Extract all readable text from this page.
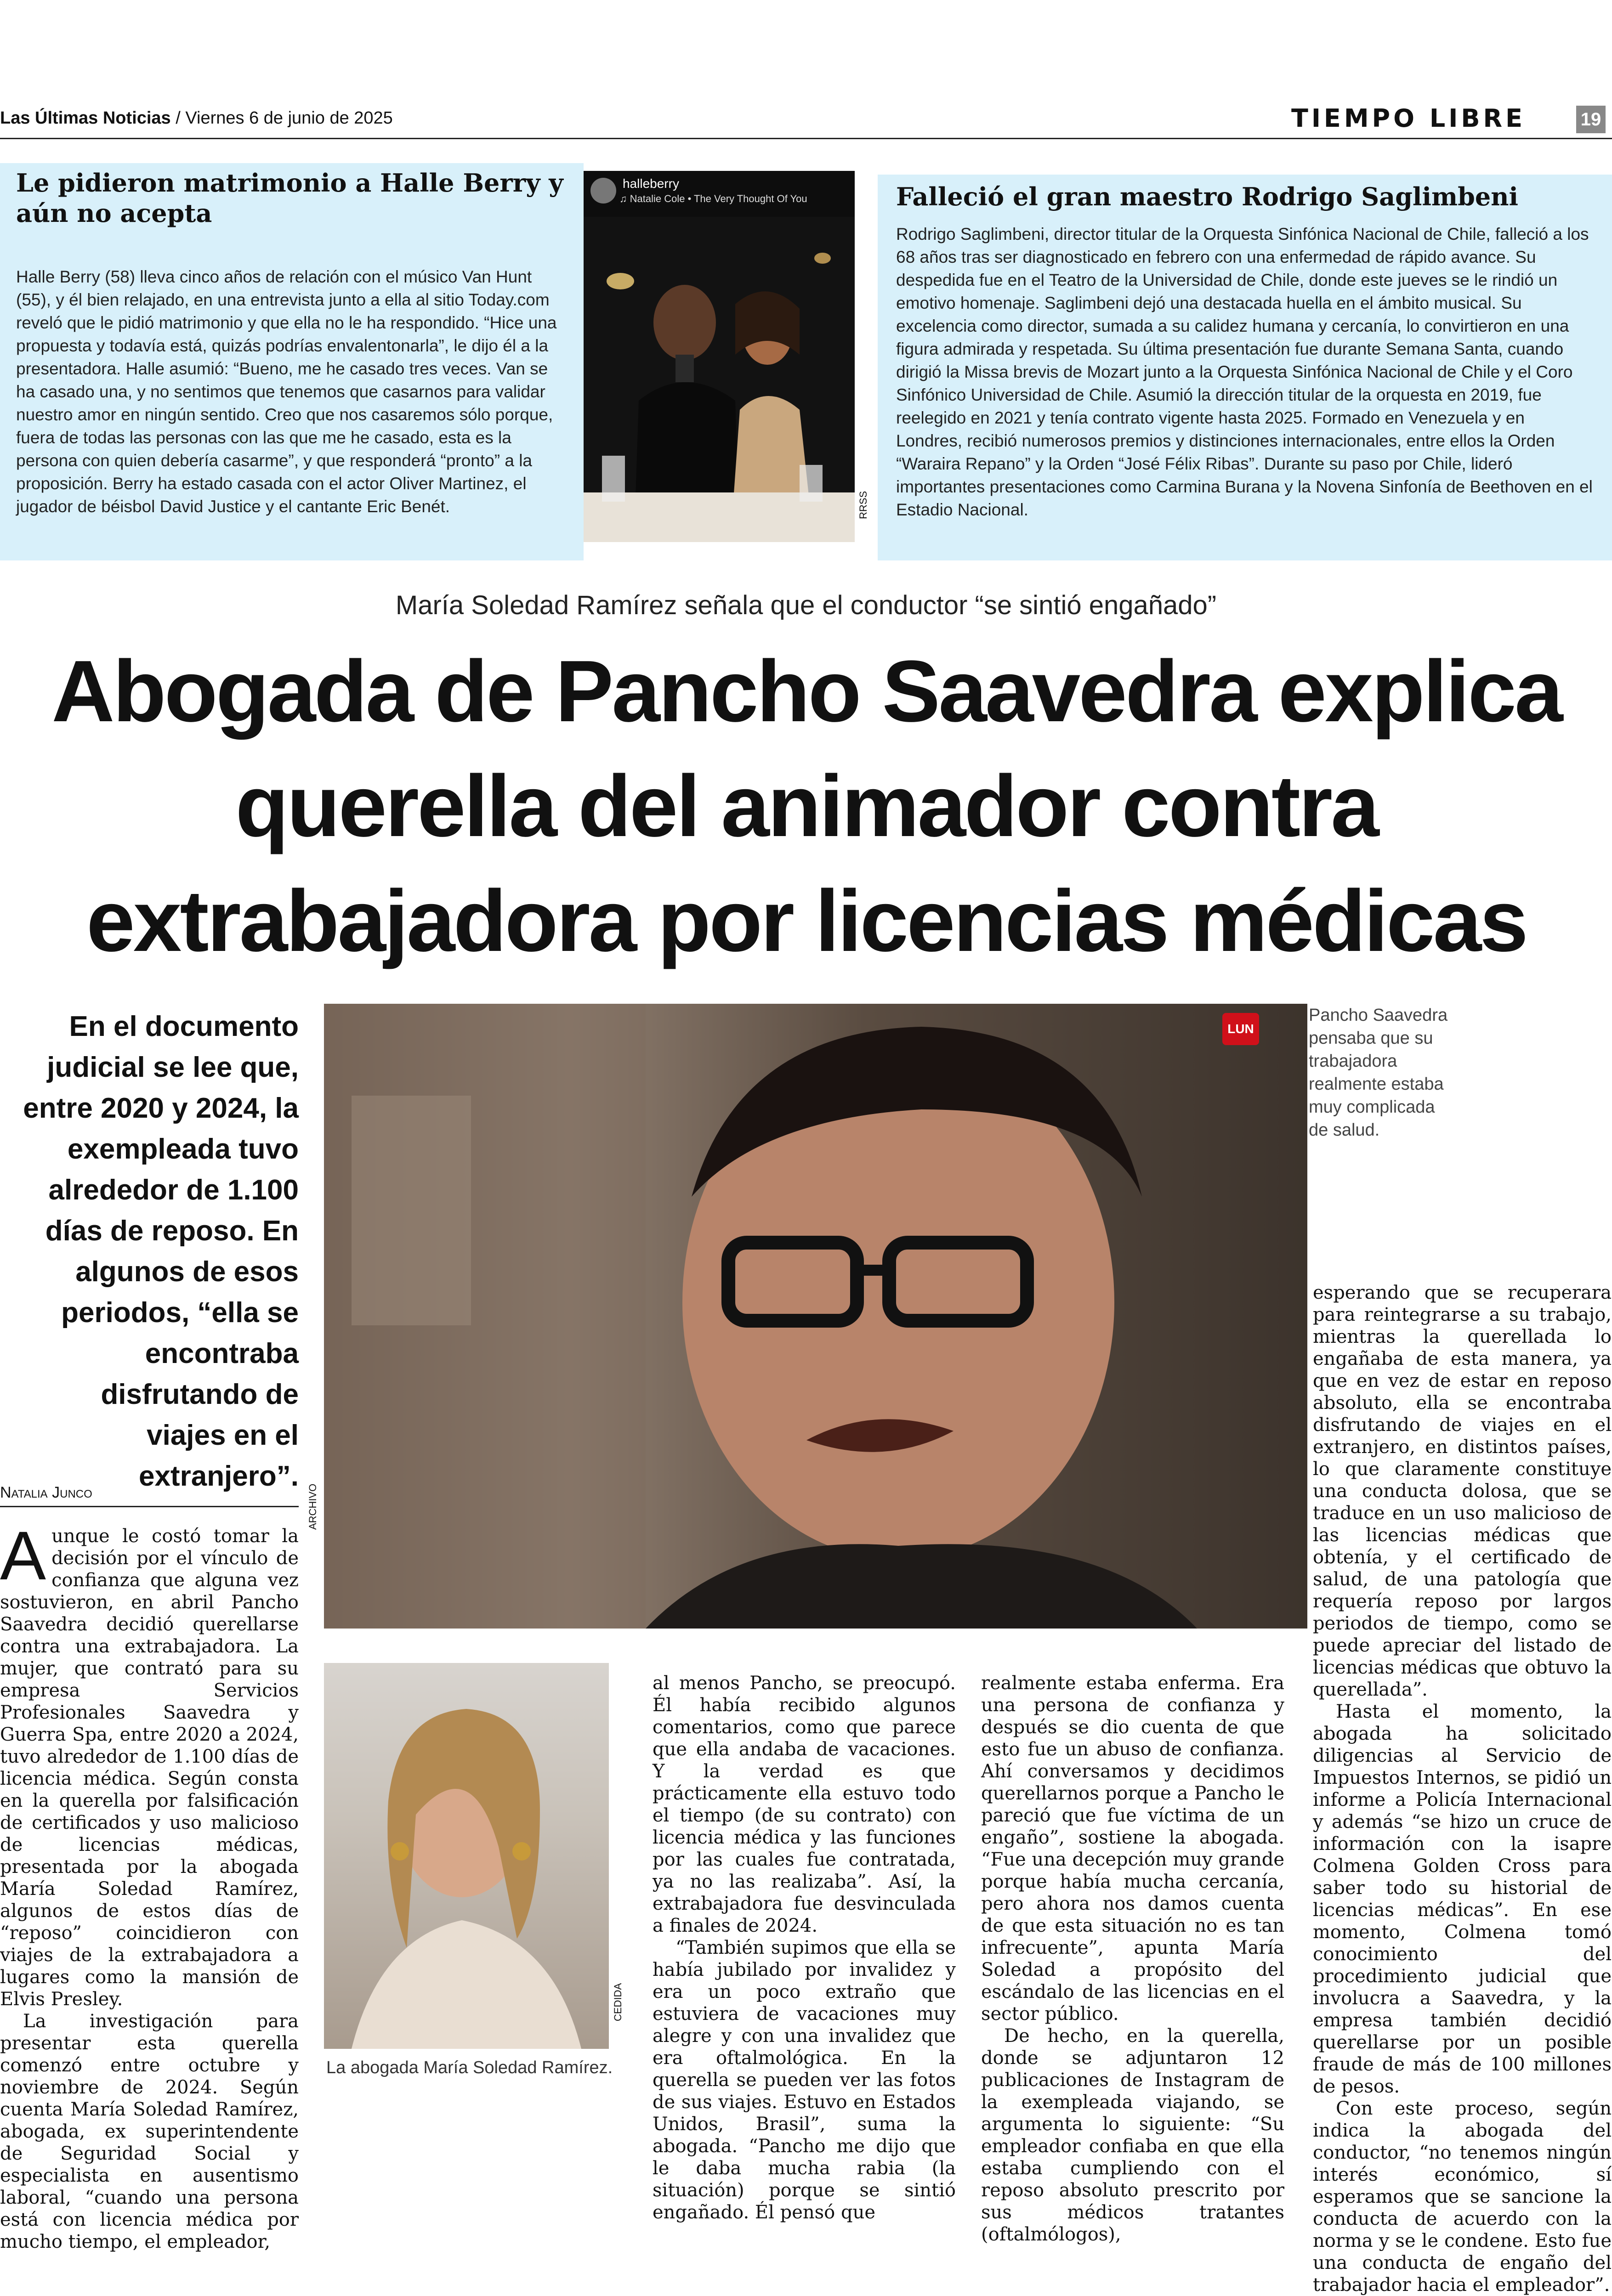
Las Últimas Noticias / Viernes 6 de junio de 2025	TIEMPO LIBRE	19
Le pidieron matrimonio a Halle Berry y aún no acepta
Halle Berry (58) lleva cinco años de relación con el músico Van Hunt (55), y él bien relajado, en una entrevista junto a ella al sitio Today.com reveló que le pidió matrimonio y que ella no le ha respondido. “Hice una propuesta y todavía está, quizás podrías envalentonarla”, le dijo él a la presentadora. Halle asumió: “Bueno, me he casado tres veces. Van se ha casado una, y no sentimos que tenemos que casarnos para validar nuestro amor en ningún sentido. Creo que nos casaremos sólo porque, fuera de todas las personas con las que me he casado, esta es la persona con quien debería casarme”, y que responderá “pronto” a la proposición. Berry ha estado casada con el actor Oliver Martinez, el jugador de béisbol David Justice y el cantante Eric Benét.
halleberry
♫ Natalie Cole • The Very Thought Of You
RRSS
Falleció el gran maestro Rodrigo Saglimbeni
Rodrigo Saglimbeni, director titular de la Orquesta Sinfónica Nacional de Chile, falleció a los 68 años tras ser diagnosticado en febrero con una enfermedad de rápido avance. Su despedida fue en el Teatro de la Universidad de Chile, donde este jueves se le rindió un emotivo homenaje. Saglimbeni dejó una destacada huella en el ámbito musical. Su excelencia como director, sumada a su calidez humana y cercanía, lo convirtieron en una figura admirada y respetada. Su última presentación fue durante Semana Santa, cuando dirigió la Missa brevis de Mozart junto a la Orquesta Sinfónica Nacional de Chile y el Coro Sinfónico Universidad de Chile. Asumió la dirección titular de la orquesta en 2019, fue reelegido en 2021 y tenía contrato vigente hasta 2025. Formado en Venezuela y en Londres, recibió numerosos premios y distinciones internacionales, entre ellos la Orden “Waraira Repano” y la Orden “José Félix Ribas”. Durante su paso por Chile, lideró importantes presentaciones como Carmina Burana y la Novena Sinfonía de Beethoven en el Estadio Nacional.
María Soledad Ramírez señala que el conductor “se sintió engañado”
Abogada de Pancho Saavedra explica querella del animador contra extrabajadora por licencias médicas
En el documento judicial se lee que, entre 2020 y 2024, la exempleada tuvo alrededor de 1.100 días de reposo. En algunos de esos periodos, “ella se encontraba disfrutando de viajes en el extranjero”.
LUN
ARCHIVO
Pancho Saavedra pensaba que su trabajadora realmente estaba muy complicada de salud.
Natalia Junco

Aunque le costó tomar la decisión por el vínculo de confianza que alguna vez sostuvieron, en abril Pancho Saavedra decidió querellarse contra una extrabajadora. La mujer, que contrató para su empresa Servicios Profesionales Saavedra y Guerra Spa, entre 2020 a 2024, tuvo alrededor de 1.100 días de licencia médica. Según consta en la querella por falsificación de certificados y uso malicioso de licencias médicas, presentada por la abogada María Soledad Ramírez, algunos de estos días de “reposo” coincidieron con viajes de la extrabajadora a lugares como la mansión de Elvis Presley.

La investigación para presentar esta querella comenzó entre octubre y noviembre de 2024. Según cuenta María Soledad Ramírez, abogada, ex superintendente de Seguridad Social y especialista en ausentismo laboral, “cuando una persona está con licencia médica por mucho tiempo, el empleador,

CEDIDA
La abogada María Soledad Ramírez.

al menos Pancho, se preocupó. Él había recibido algunos comentarios, como que parece que ella andaba de vacaciones. Y la verdad es que prácticamente ella estuvo todo el tiempo (de su contrato) con licencia médica y las funciones por las cuales fue contratada, ya no las realizaba”. Así, la extrabajadora fue desvinculada a finales de 2024.

“También supimos que ella se había jubilado por invalidez y era un poco extraño que estuviera de vacaciones muy alegre y con una invalidez que era oftalmológica. En la querella se pueden ver las fotos de sus viajes. Estuvo en Estados Unidos, Brasil”, suma la abogada. “Pancho me dijo que le daba mucha rabia (la situación) porque se sintió engañado. Él pensó que

realmente estaba enferma. Era una persona de confianza y después se dio cuenta de que esto fue un abuso de confianza. Ahí conversamos y decidimos querellarnos porque a Pancho le pareció que fue víctima de un engaño”, sostiene la abogada. “Fue una decepción muy grande porque había mucha cercanía, pero ahora nos damos cuenta de que esta situación no es tan infrecuente”, apunta María Soledad a propósito del escándalo de las licencias en el sector público.

De hecho, en la querella, donde se adjuntaron 12 publicaciones de Instagram de la exempleada viajando, se argumenta lo siguiente: “Su empleador confiaba en que ella estaba cumpliendo con el reposo absoluto prescrito por sus médicos tratantes (oftalmólogos),

esperando que se recuperara para reintegrarse a su trabajo, mientras la querellada lo engañaba de esta manera, ya que en vez de estar en reposo absoluto, ella se encontraba disfrutando de viajes en el extranjero, en distintos países, lo que claramente constituye una conducta dolosa, que se traduce en un uso malicioso de las licencias médicas que obtenía, y el certificado de salud, de una patología que requería reposo por largos periodos de tiempo, como se puede apreciar del listado de licencias médicas que obtuvo la querellada”.

Hasta el momento, la abogada ha solicitado diligencias al Servicio de Impuestos Internos, se pidió un informe a Policía Internacional y además “se hizo un cruce de información con la isapre Colmena Golden Cross para saber todo su historial de licencias médicas”. En ese momento, Colmena tomó conocimiento del procedimiento judicial que involucra a Saavedra, y la empresa también decidió querellarse por un posible fraude de más de 100 millones de pesos.

Con este proceso, según indica la abogada del conductor, “no tenemos ningún interés económico, sí esperamos que se sancione la conducta de acuerdo con la norma y se le condene. Esto fue una conducta de engaño del trabajador hacia el empleador”.
